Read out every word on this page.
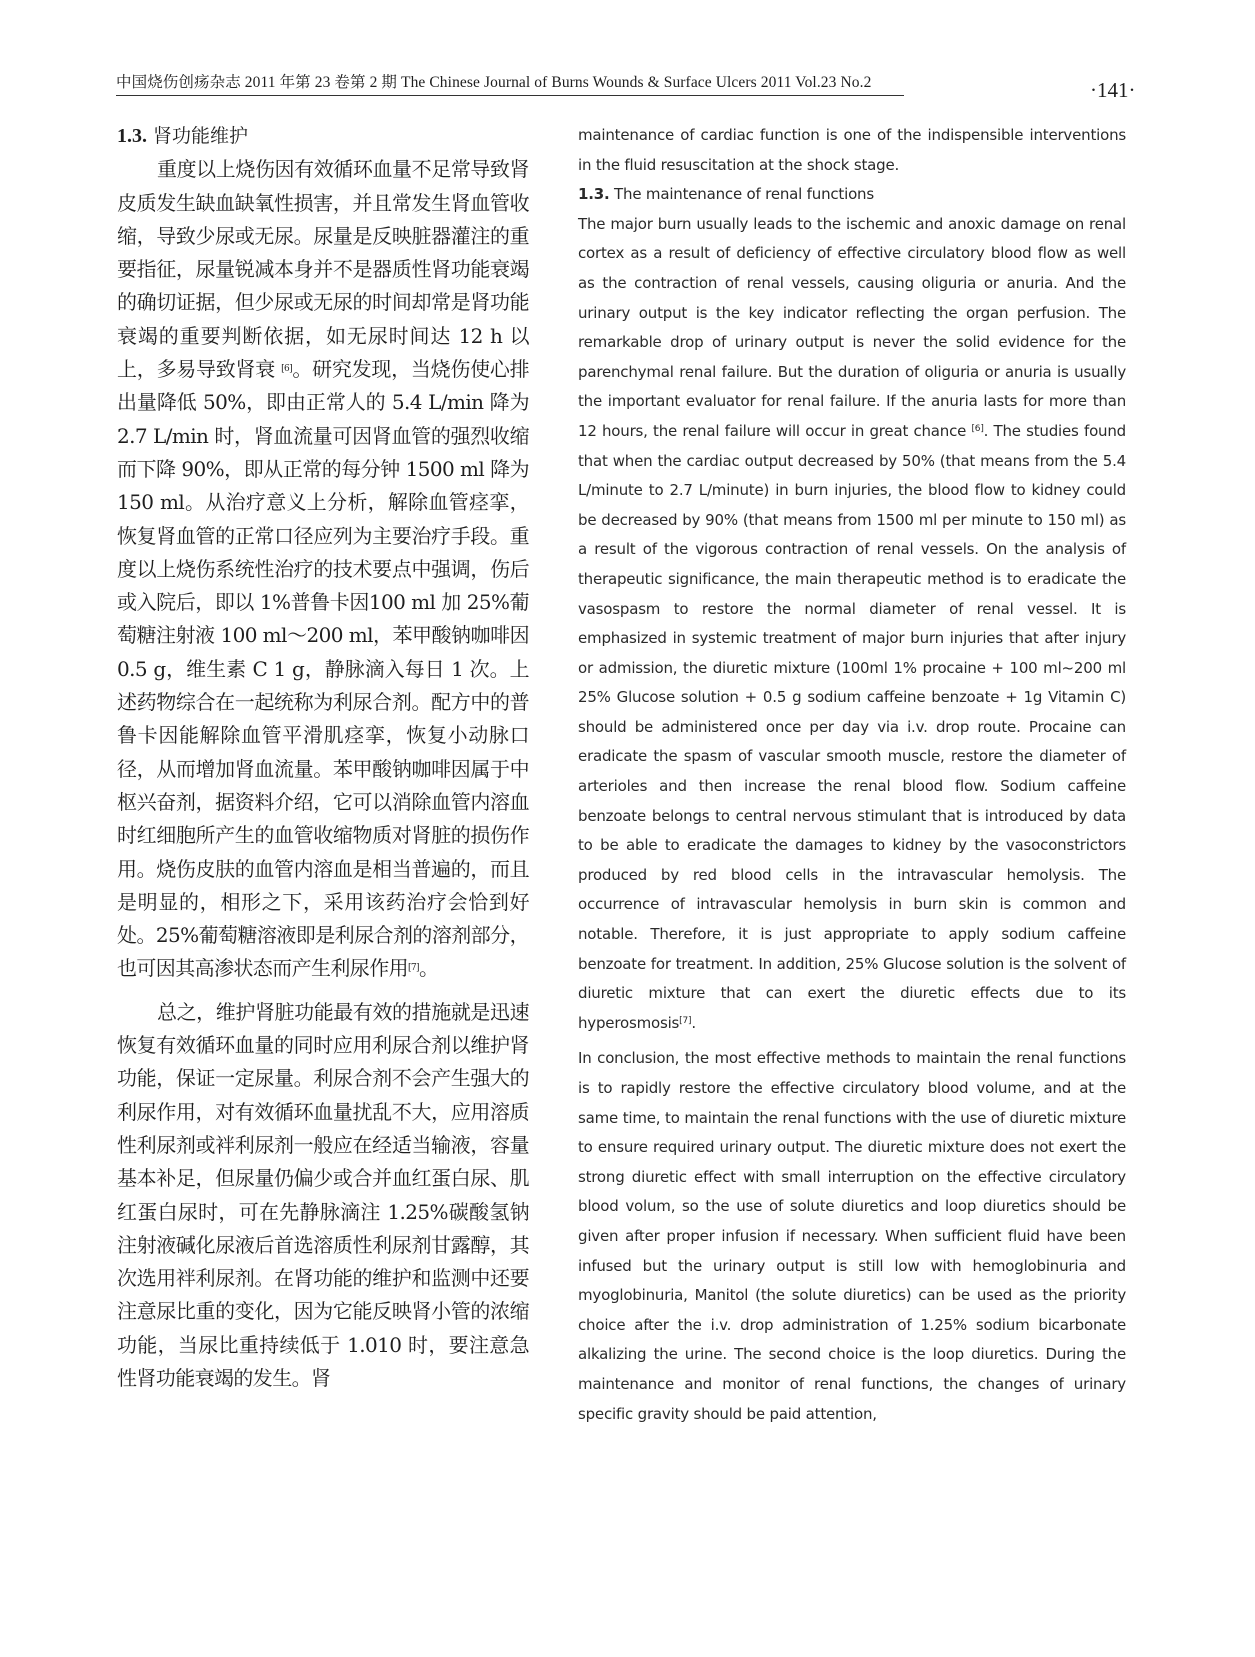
中国烧伤创疡杂志 2011 年第 23 卷第 2 期 The Chinese Journal of Burns Wounds & Surface Ulcers 2011 Vol.23 No.2	·141·
1.3. 肾功能维护

重度以上烧伤因有效循环血量不足常导致肾皮质发生缺血缺氧性损害，并且常发生肾血管收缩，导致少尿或无尿。尿量是反映脏器灌注的重要指征，尿量锐减本身并不是器质性肾功能衰竭的确切证据，但少尿或无尿的时间却常是肾功能衰竭的重要判断依据，如无尿时间达 12 h 以上，多易导致肾衰 [6]。研究发现，当烧伤使心排出量降低 50%，即由正常人的 5.4 L/min 降为 2.7 L/min 时，肾血流量可因肾血管的强烈收缩而下降 90%，即从正常的每分钟 1500 ml 降为 150 ml。从治疗意义上分析，解除血管痉挛，恢复肾血管的正常口径应列为主要治疗手段。重度以上烧伤系统性治疗的技术要点中强调，伤后或入院后，即以 1%普鲁卡因100 ml 加 25%葡萄糖注射液 100 ml～200 ml，苯甲酸钠咖啡因 0.5 g，维生素 C 1 g，静脉滴入每日 1 次。上述药物综合在一起统称为利尿合剂。配方中的普鲁卡因能解除血管平滑肌痉挛，恢复小动脉口径，从而增加肾血流量。苯甲酸钠咖啡因属于中枢兴奋剂，据资料介绍，它可以消除血管内溶血时红细胞所产生的血管收缩物质对肾脏的损伤作用。烧伤皮肤的血管内溶血是相当普遍的，而且是明显的，相形之下，采用该药治疗会恰到好处。25%葡萄糖溶液即是利尿合剂的溶剂部分，也可因其高渗状态而产生利尿作用[7]。

总之，维护肾脏功能最有效的措施就是迅速恢复有效循环血量的同时应用利尿合剂以维护肾功能，保证一定尿量。利尿合剂不会产生强大的利尿作用，对有效循环血量扰乱不大，应用溶质性利尿剂或袢利尿剂一般应在经适当输液，容量基本补足，但尿量仍偏少或合并血红蛋白尿、肌红蛋白尿时，可在先静脉滴注 1.25%碳酸氢钠注射液碱化尿液后首选溶质性利尿剂甘露醇，其次选用袢利尿剂。在肾功能的维护和监测中还要注意尿比重的变化，因为它能反映肾小管的浓缩功能，当尿比重持续低于 1.010 时，要注意急性肾功能衰竭的发生。肾

maintenance of cardiac function is one of the indispensible interventions in the fluid resuscitation at the shock stage.

1.3. The maintenance of renal functions

The major burn usually leads to the ischemic and anoxic damage on renal cortex as a result of deficiency of effective circulatory blood flow as well as the contraction of renal vessels, causing oliguria or anuria. And the urinary output is the key indicator reflecting the organ perfusion. The remarkable drop of urinary output is never the solid evidence for the parenchymal renal failure. But the duration of oliguria or anuria is usually the important evaluator for renal failure. If the anuria lasts for more than 12 hours, the renal failure will occur in great chance [6]. The studies found that when the cardiac output decreased by 50% (that means from the 5.4 L/minute to 2.7 L/minute) in burn injuries, the blood flow to kidney could be decreased by 90% (that means from 1500 ml per minute to 150 ml) as a result of the vigorous contraction of renal vessels. On the analysis of therapeutic significance, the main therapeutic method is to eradicate the vasospasm to restore the normal diameter of renal vessel. It is emphasized in systemic treatment of major burn injuries that after injury or admission, the diuretic mixture (100ml 1% procaine + 100 ml~200 ml 25% Glucose solution + 0.5 g sodium caffeine benzoate + 1g Vitamin C) should be administered once per day via i.v. drop route. Procaine can eradicate the spasm of vascular smooth muscle, restore the diameter of arterioles and then increase the renal blood flow. Sodium caffeine benzoate belongs to central nervous stimulant that is introduced by data to be able to eradicate the damages to kidney by the vasoconstrictors produced by red blood cells in the intravascular hemolysis. The occurrence of intravascular hemolysis in burn skin is common and notable. Therefore, it is just appropriate to apply sodium caffeine benzoate for treatment. In addition, 25% Glucose solution is the solvent of diuretic mixture that can exert the diuretic effects due to its hyperosmosis[7].

In conclusion, the most effective methods to maintain the renal functions is to rapidly restore the effective circulatory blood volume, and at the same time, to maintain the renal functions with the use of diuretic mixture to ensure required urinary output. The diuretic mixture does not exert the strong diuretic effect with small interruption on the effective circulatory blood volum, so the use of solute diuretics and loop diuretics should be given after proper infusion if necessary. When sufficient fluid have been infused but the urinary output is still low with hemoglobinuria and myoglobinuria, Manitol (the solute diuretics) can be used as the priority choice after the i.v. drop administration of 1.25% sodium bicarbonate alkalizing the urine. The second choice is the loop diuretics. During the maintenance and monitor of renal functions, the changes of urinary specific gravity should be paid attention,
